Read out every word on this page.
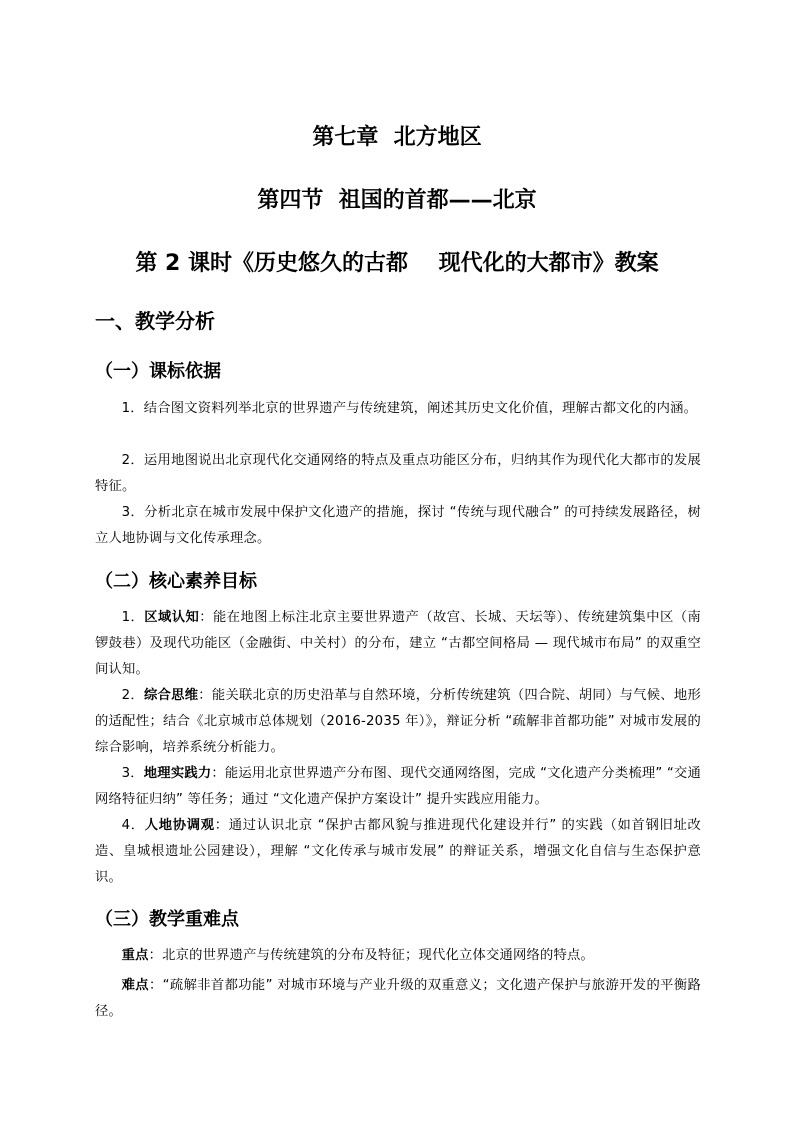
第七章  北方地区
第四节  祖国的首都——北京
第 2 课时《历史悠久的古都    现代化的大都市》教案
一、教学分析
（一）课标依据
1．结合图文资料列举北京的世界遗产与传统建筑，阐述其历史文化价值，理解古都文化的内涵。
2．运用地图说出北京现代化交通网络的特点及重点功能区分布，归纳其作为现代化大都市的发展特征。
3．分析北京在城市发展中保护文化遗产的措施，探讨 “传统与现代融合” 的可持续发展路径，树立人地协调与文化传承理念。
（二）核心素养目标
1．区域认知：能在地图上标注北京主要世界遗产（故宫、长城、天坛等）、传统建筑集中区（南锣鼓巷）及现代功能区（金融街、中关村）的分布，建立 “古都空间格局 — 现代城市布局” 的双重空间认知。
2．综合思维：能关联北京的历史沿革与自然环境，分析传统建筑（四合院、胡同）与气候、地形的适配性；结合《北京城市总体规划（2016-2035 年）》，辩证分析 “疏解非首都功能” 对城市发展的综合影响，培养系统分析能力。
3．地理实践力：能运用北京世界遗产分布图、现代交通网络图，完成 “文化遗产分类梳理” “交通网络特征归纳” 等任务；通过 “文化遗产保护方案设计” 提升实践应用能力。
4．人地协调观：通过认识北京 “保护古都风貌与推进现代化建设并行” 的实践（如首钢旧址改造、皇城根遗址公园建设），理解 “文化传承与城市发展” 的辩证关系，增强文化自信与生态保护意识。
（三）教学重难点
重点：北京的世界遗产与传统建筑的分布及特征；现代化立体交通网络的特点。
难点：“疏解非首都功能” 对城市环境与产业升级的双重意义；文化遗产保护与旅游开发的平衡路径。
